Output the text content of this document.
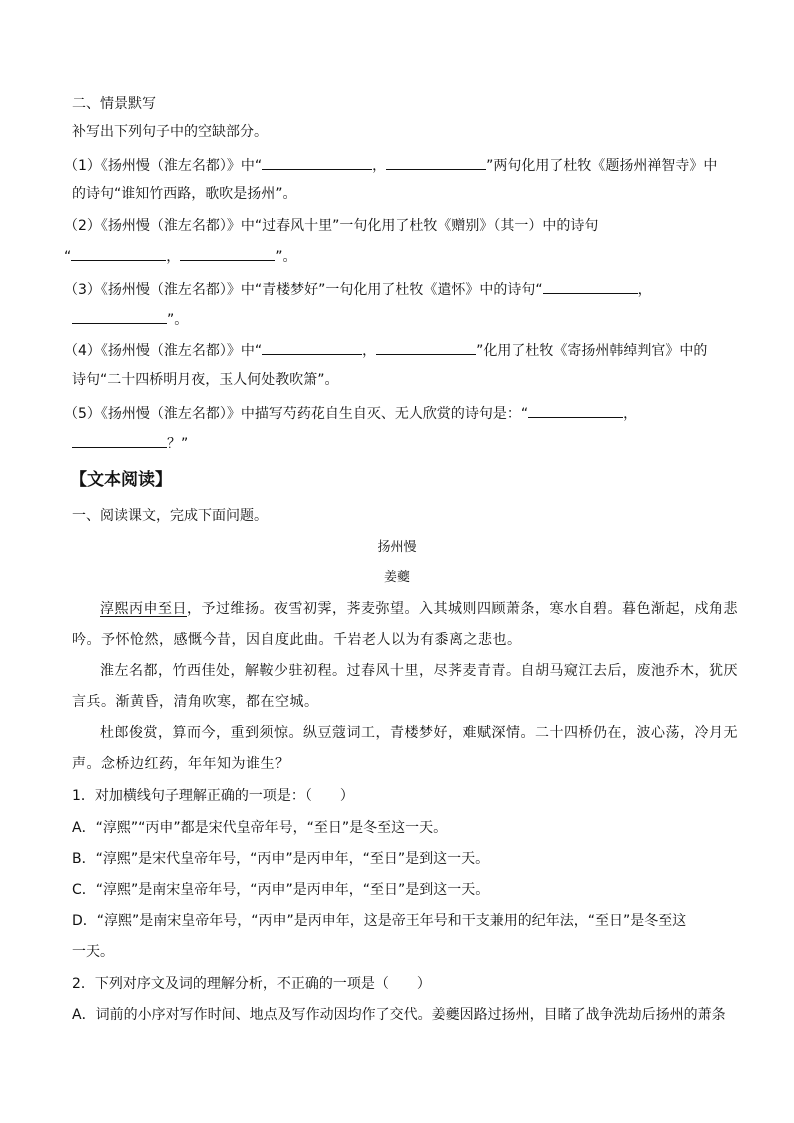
二、情景默写
补写出下列句子中的空缺部分。
（1）《扬州慢（淮左名都）》中“	，	”两句化用了杜牧《题扬州禅智寺》中
的诗句“谁知竹西路，歌吹是扬州”。
（2）《扬州慢（淮左名都）》中“过春风十里”一句化用了杜牧《赠别》（其一）中的诗句
“	，	”。
（3）《扬州慢（淮左名都）》中“青楼梦好”一句化用了杜牧《遣怀》中的诗句“	，
”。
（4）《扬州慢（淮左名都）》中“	，	”化用了杜牧《寄扬州韩绰判官》中的
诗句“二十四桥明月夜，玉人何处教吹箫”。
（5）《扬州慢（淮左名都）》中描写芍药花自生自灭、无人欣赏的诗句是：“	，
？”
【文本阅读】
一、阅读课文，完成下面问题。
扬州慢
姜夔
淳熙丙申至日，予过维扬。夜雪初霁，荠麦弥望。入其城则四顾萧条，寒水自碧。暮色渐起，戍角悲
吟。予怀怆然，感慨今昔，因自度此曲。千岩老人以为有黍离之悲也。
淮左名都，竹西佳处，解鞍少驻初程。过春风十里，尽荠麦青青。自胡马窥江去后，废池乔木，犹厌
言兵。渐黄昏，清角吹寒，都在空城。
杜郎俊赏，算而今，重到须惊。纵豆蔻词工，青楼梦好，难赋深情。二十四桥仍在，波心荡，冷月无
声。念桥边红药，年年知为谁生？
1．对加横线句子理解正确的一项是：（　　）
A．“淳熙”“丙申”都是宋代皇帝年号，“至日”是冬至这一天。
B．“淳熙”是宋代皇帝年号，“丙申”是丙申年，“至日”是到这一天。
C．“淳熙”是南宋皇帝年号，“丙申”是丙申年，“至日”是到这一天。
D．“淳熙”是南宋皇帝年号，“丙申”是丙申年，这是帝王年号和干支兼用的纪年法，“至日”是冬至这
一天。
2．下列对序文及词的理解分析，不正确的一项是（　　）
A．词前的小序对写作时间、地点及写作动因均作了交代。姜夔因路过扬州，目睹了战争洗劫后扬州的萧条
